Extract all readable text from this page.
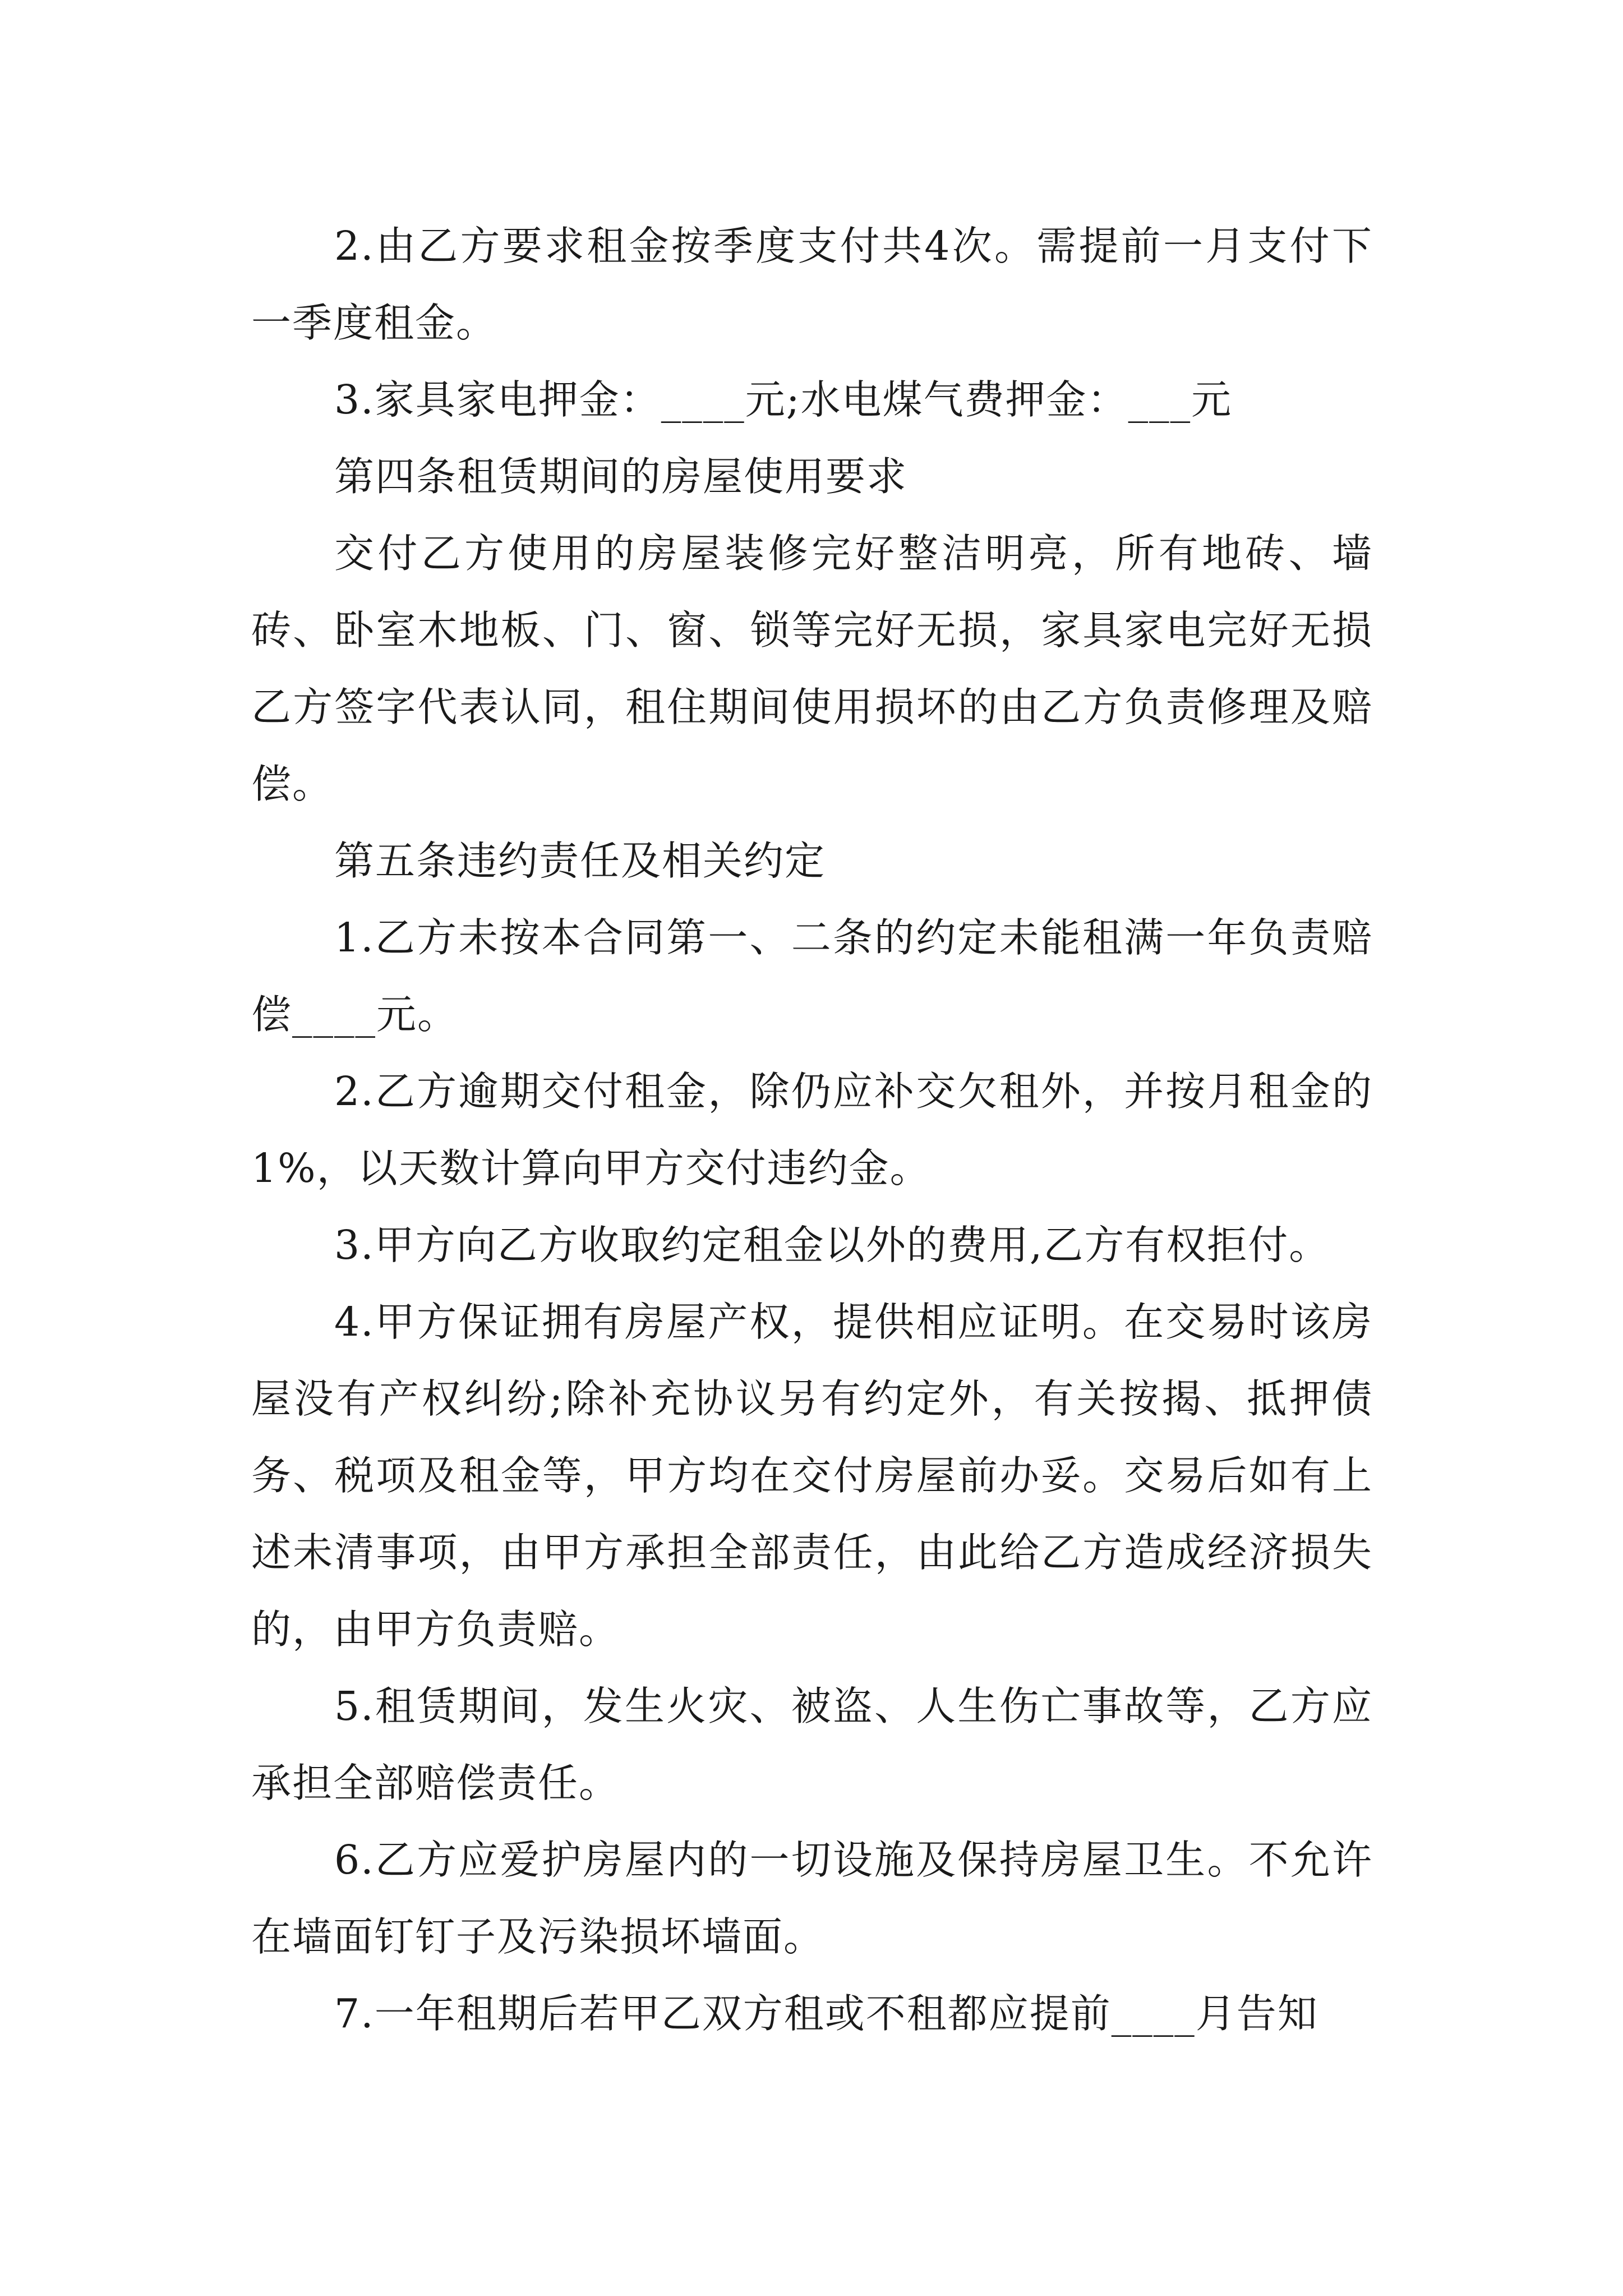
2.由乙方要求租金按季度支付共4次。需提前一月支付下一季度租金。

3.家具家电押金：____元;水电煤气费押金：___元

第四条租赁期间的房屋使用要求

交付乙方使用的房屋装修完好整洁明亮，所有地砖、墙砖、卧室木地板、门、窗、锁等完好无损，家具家电完好无损乙方签字代表认同，租住期间使用损坏的由乙方负责修理及赔偿。

第五条违约责任及相关约定

1.乙方未按本合同第一、二条的约定未能租满一年负责赔偿____元。

2.乙方逾期交付租金，除仍应补交欠租外，并按月租金的1%，以天数计算向甲方交付违约金。

3.甲方向乙方收取约定租金以外的费用,乙方有权拒付。

4.甲方保证拥有房屋产权，提供相应证明。在交易时该房屋没有产权纠纷;除补充协议另有约定外，有关按揭、抵押债务、税项及租金等，甲方均在交付房屋前办妥。交易后如有上述未清事项，由甲方承担全部责任，由此给乙方造成经济损失的，由甲方负责赔。

5.租赁期间，发生火灾、被盗、人生伤亡事故等，乙方应承担全部赔偿责任。

6.乙方应爱护房屋内的一切设施及保持房屋卫生。不允许在墙面钉钉子及污染损坏墙面。

7.一年租期后若甲乙双方租或不租都应提前____月告知
